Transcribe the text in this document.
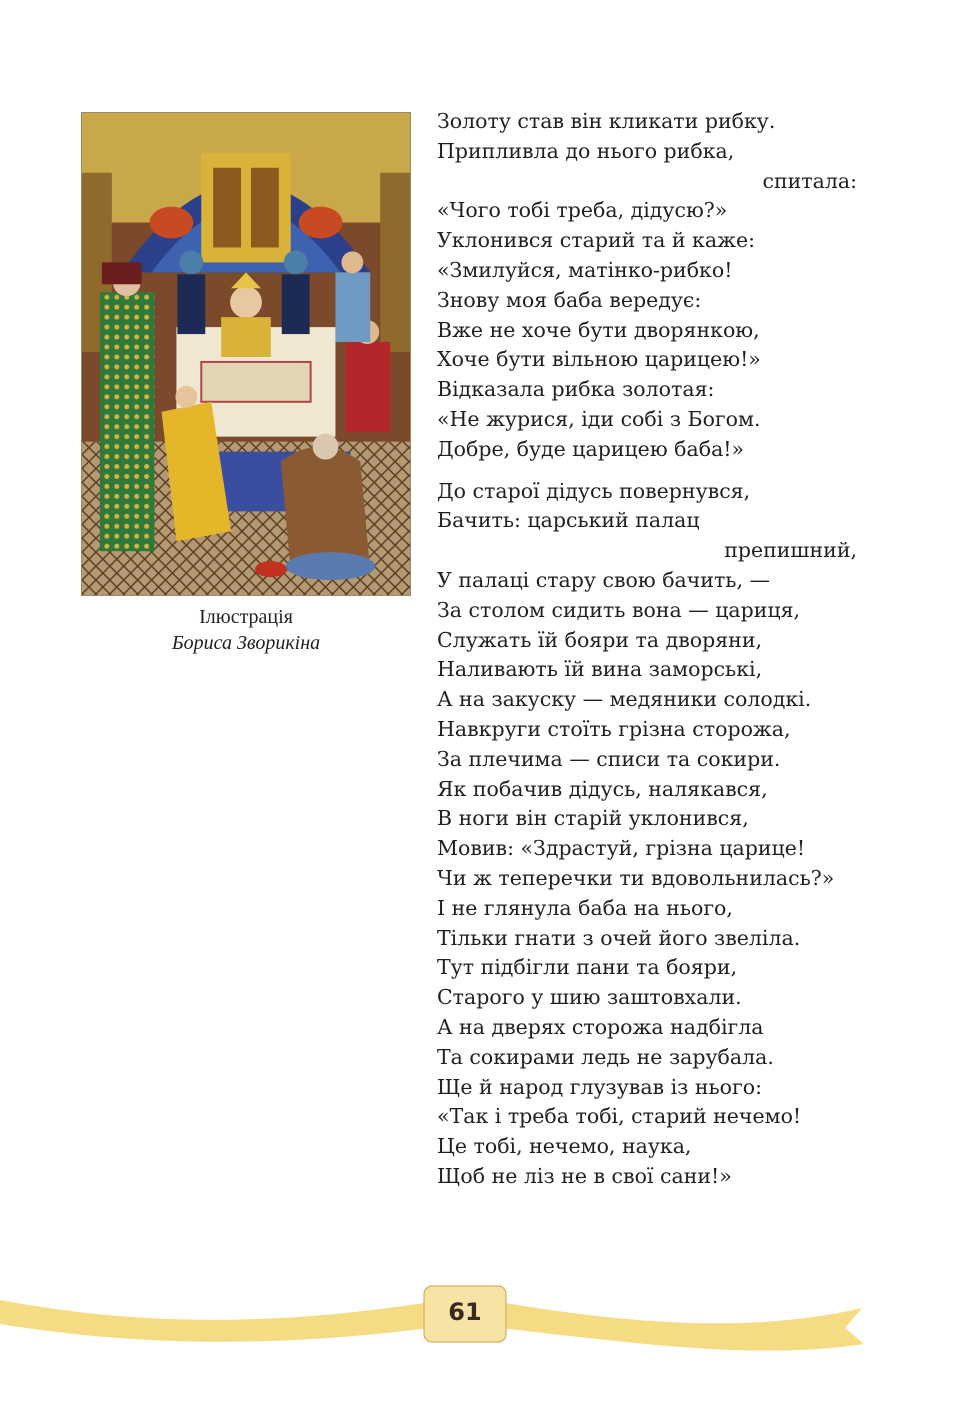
Ілюстрація
Бориса Зворикіна
Золоту став він кликати рибку.
Припливла до нього рибка,
спитала:
«Чого тобі треба, дідусю?»
Уклонився старий та й каже:
«Змилуйся, матінко-рибко!
Знову моя баба вередує:
Вже не хоче бути дворянкою,
Хоче бути вільною царицею!»
Відказала рибка золотая:
«Не журися, іди собі з Богом.
Добре, буде царицею баба!»
До старої дідусь повернувся,
Бачить: царський палац
препишний,
У палаці стару свою бачить, —
За столом сидить вона — цариця,
Служать їй бояри та дворяни,
Наливають їй вина заморські,
А на закуску — медяники солодкі.
Навкруги стоїть грізна сторожа,
За плечима — списи та сокири.
Як побачив дідусь, налякався,
В ноги він старій уклонився,
Мовив: «Здрастуй, грізна царице!
Чи ж теперечки ти вдовольнилась?»
І не глянула баба на нього,
Тільки гнати з очей його звеліла.
Тут підбігли пани та бояри,
Старого у шию заштовхали.
А на дверях сторожа надбігла
Та сокирами ледь не зарубала.
Ще й народ глузував із нього:
«Так і треба тобі, старий нечемо!
Це тобі, нечемо, наука,
Щоб не ліз не в свої сани!»
61
